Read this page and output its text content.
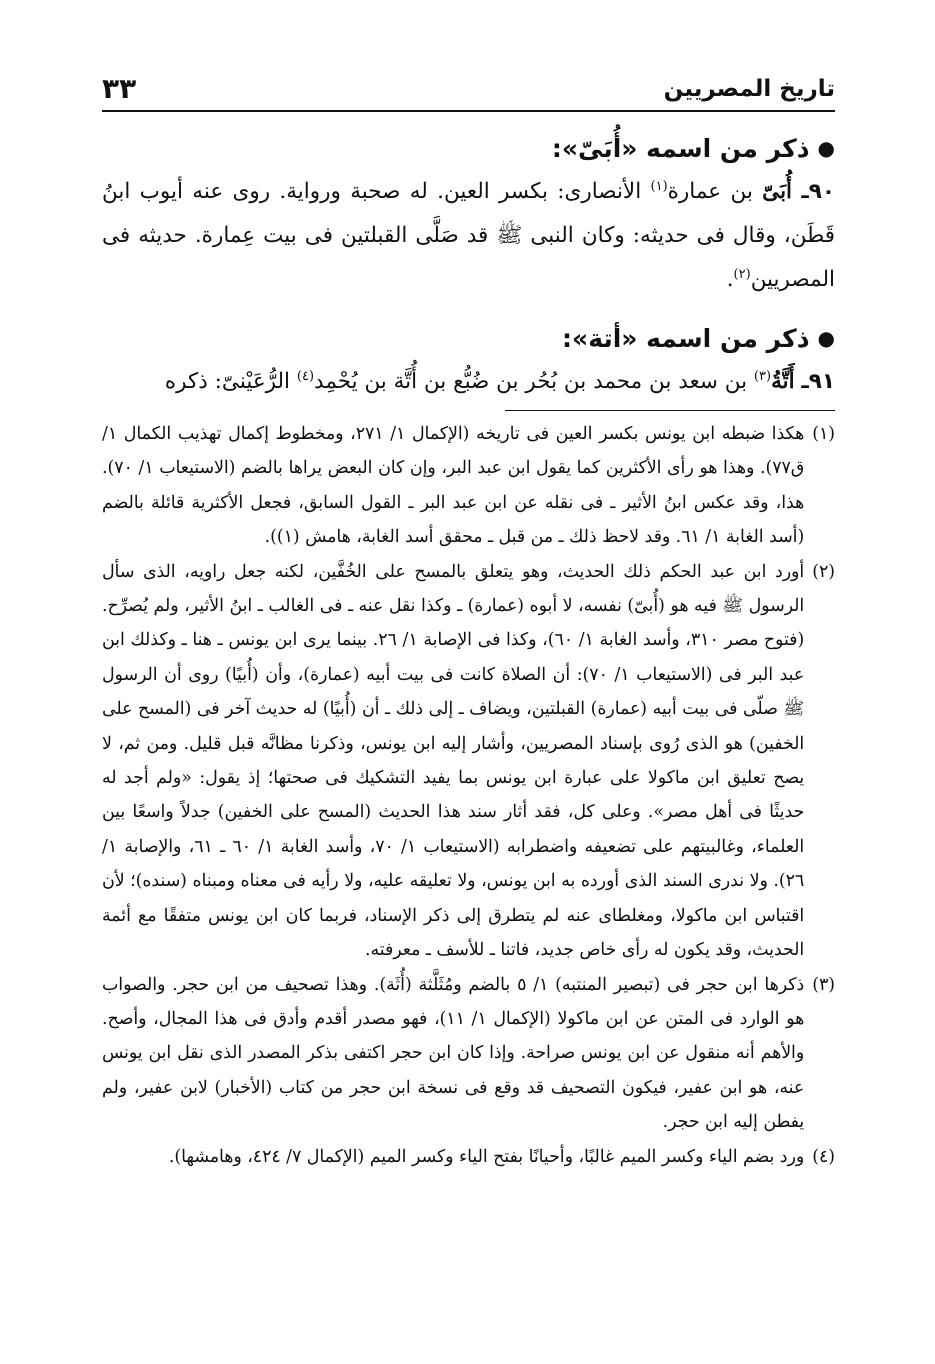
تاريخ المصريين
٣٣
●
ذكر من اسمه «أُبَىّ»:
٩٠ـ أُبَىّ بن عمارة$^{(١)}$ الأنصارى: بكسر العين. له صحبة ورواية. روى عنه أيوب ابنُ قَطَن، وقال فى حديثه: وكان النبى ﷺ قد صَلَّى القبلتين فى بيت عِمارة. حديثه فى المصريين$^{(٢)}$.
●
ذكر من اسمه «أتة»:
٩١ـ أَتَّةُ$^{(٣)}$ بن سعد بن محمد بن بُحُر بن ضُبُّع بن أُتَّة بن يُحْمِد$^{(٤)}$ الرُّعَيْنىّ: ذكره
(١)
هكذا ضبطه ابن يونس بكسر العين فى تاريخه (الإكمال ١/ ٢٧١، ومخطوط إكمال تهذيب الكمال ١/ق٧٧). وهذا هو رأى الأكثرين كما يقول ابن عبد البر، وإن كان البعض يراها بالضم (الاستيعاب ١/ ٧٠). هذا، وقد عكس ابنُ الأثير ـ فى نقله عن ابن عبد البر ـ القول السابق، فجعل الأكثرية قائلة بالضم (أسد الغابة ١/ ٦١. وقد لاحظ ذلك ـ من قبل ـ محقق أسد الغابة، هامش (١)).
(٢)
أورد ابن عبد الحكم ذلك الحديث، وهو يتعلق بالمسح على الخُفَّين، لكنه جعل راويه، الذى سأل الرسول ﷺ فيه هو (أُبىّ) نفسه، لا أبوه (عمارة) ـ وكذا نقل عنه ـ فى الغالب ـ ابنُ الأثير، ولم يُصرِّح. (فتوح مصر ٣١٠، وأسد الغابة ١/ ٦٠)، وكذا فى الإصابة ١/ ٢٦. بينما يرى ابن يونس ـ هنا ـ وكذلك ابن عبد البر فى (الاستيعاب ١/ ٧٠): أن الصلاة كانت فى بيت أبيه (عمارة)، وأن (أُبيًا) روى أن الرسول ﷺ صلّى فى بيت أبيه (عمارة) القبلتين، ويضاف ـ إلى ذلك ـ أن (أُبيًا) له حديث آخر فى (المسح على الخفين) هو الذى رُوى بإسناد المصريين، وأشار إليه ابن يونس، وذكرنا مظانَّه قبل قليل. ومن ثم، لا يصح تعليق ابن ماكولا على عبارة ابن يونس بما يفيد التشكيك فى صحتها؛ إذ يقول: «ولم أجد له حديثًا فى أهل مصر». وعلى كل، فقد أثار سند هذا الحديث (المسح على الخفين) جدلاً واسعًا بين العلماء، وغالبيتهم على تضعيفه واضطرابه (الاستيعاب ١/ ٧٠، وأسد الغابة ١/ ٦٠ ـ ٦١، والإصابة ١/ ٢٦). ولا ندرى السند الذى أورده به ابن يونس، ولا تعليقه عليه، ولا رأيه فى معناه ومبناه (سنده)؛ لأن اقتباس ابن ماكولا، ومغلطاى عنه لم يتطرق إلى ذكر الإسناد، فربما كان ابن يونس متفقًا مع أئمة الحديث، وقد يكون له رأى خاص جديد، فاتنا ـ للأسف ـ معرفته.
(٣)
ذكرها ابن حجر فى (تبصير المنتبه) ١/ ٥ بالضم ومُثَلَّثة (أُثَة). وهذا تصحيف من ابن حجر. والصواب هو الوارد فى المتن عن ابن ماكولا (الإكمال ١/ ١١)، فهو مصدر أقدم وأدق فى هذا المجال، وأصح. والأهم أنه منقول عن ابن يونس صراحة. وإذا كان ابن حجر اكتفى بذكر المصدر الذى نقل ابن يونس عنه، هو ابن عفير، فيكون التصحيف قد وقع فى نسخة ابن حجر من كتاب (الأخبار) لابن عفير، ولم يفطن إليه ابن حجر.
(٤)
ورد بضم الياء وكسر الميم غالبًا، وأحيانًا بفتح الياء وكسر الميم (الإكمال ٧/ ٤٢٤، وهامشها).
